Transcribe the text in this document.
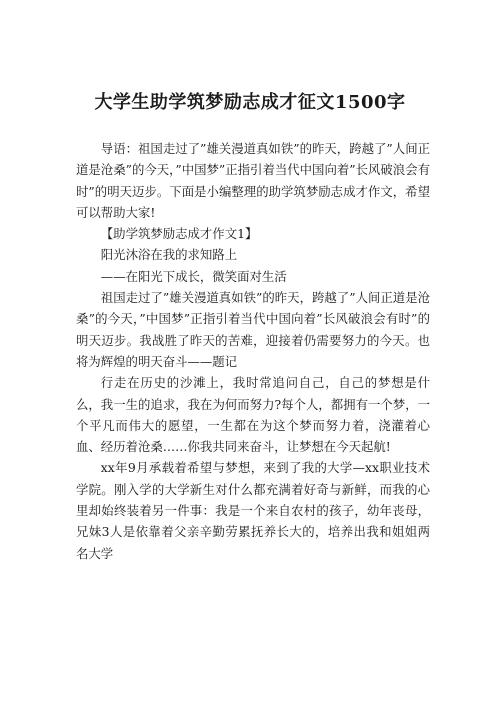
大学生助学筑梦励志成才征文1500字

导语：祖国走过了”雄关漫道真如铁”的昨天，跨越了”人间正道是沧桑”的今天，”中国梦”正指引着当代中国向着”长风破浪会有时”的明天迈步。下面是小编整理的助学筑梦励志成才作文，希望可以帮助大家!

【助学筑梦励志成才作文1】

阳光沐浴在我的求知路上

——在阳光下成长，微笑面对生活

祖国走过了”雄关漫道真如铁”的昨天，跨越了”人间正道是沧桑”的今天，”中国梦”正指引着当代中国向着”长风破浪会有时”的明天迈步。我战胜了昨天的苦难，迎接着仍需要努力的今天。也将为辉煌的明天奋斗——题记

行走在历史的沙滩上，我时常追问自己，自己的梦想是什么，我一生的追求，我在为何而努力?每个人，都拥有一个梦，一个平凡而伟大的愿望，一生都在为这个梦而努力着，浇灌着心血、经历着沧桑……你我共同来奋斗，让梦想在今天起航!

xx年9月承载着希望与梦想，来到了我的大学—xx职业技术学院。刚入学的大学新生对什么都充满着好奇与新鲜，而我的心里却始终装着另一件事：我是一个来自农村的孩子，幼年丧母，兄妹3人是依靠着父亲辛勤劳累抚养长大的，培养出我和姐姐两名大学
